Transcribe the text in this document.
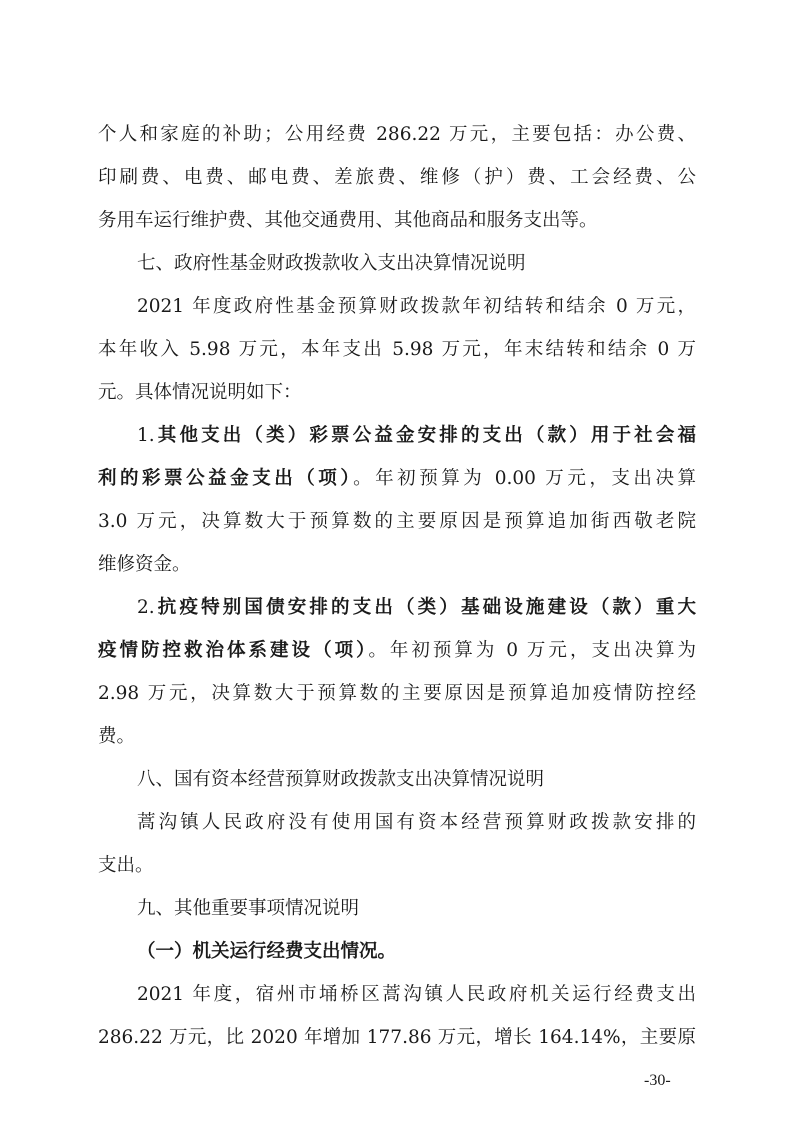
个人和家庭的补助；公用经费 286.22 万元，主要包括：办公费、
印刷费、电费、邮电费、差旅费、维修（护）费、工会经费、公
务用车运行维护费、其他交通费用、其他商品和服务支出等。
七、政府性基金财政拨款收入支出决算情况说明
2021 年度政府性基金预算财政拨款年初结转和结余 0 万元，
本年收入 5.98 万元，本年支出 5.98 万元，年末结转和结余 0 万
元。具体情况说明如下：
1.其他支出（类）彩票公益金安排的支出（款）用于社会福
利的彩票公益金支出（项）。年初预算为 0.00 万元，支出决算
3.0 万元，决算数大于预算数的主要原因是预算追加街西敬老院
维修资金。
2.抗疫特别国债安排的支出（类）基础设施建设（款）重大
疫情防控救治体系建设（项）。年初预算为 0 万元，支出决算为
2.98 万元，决算数大于预算数的主要原因是预算追加疫情防控经
费。
八、国有资本经营预算财政拨款支出决算情况说明
蒿沟镇人民政府没有使用国有资本经营预算财政拨款安排的
支出。
九、其他重要事项情况说明
（一）机关运行经费支出情况。
2021 年度，宿州市埇桥区蒿沟镇人民政府机关运行经费支出
286.22 万元，比 2020 年增加 177.86 万元，增长 164.14%，主要原
-30-
